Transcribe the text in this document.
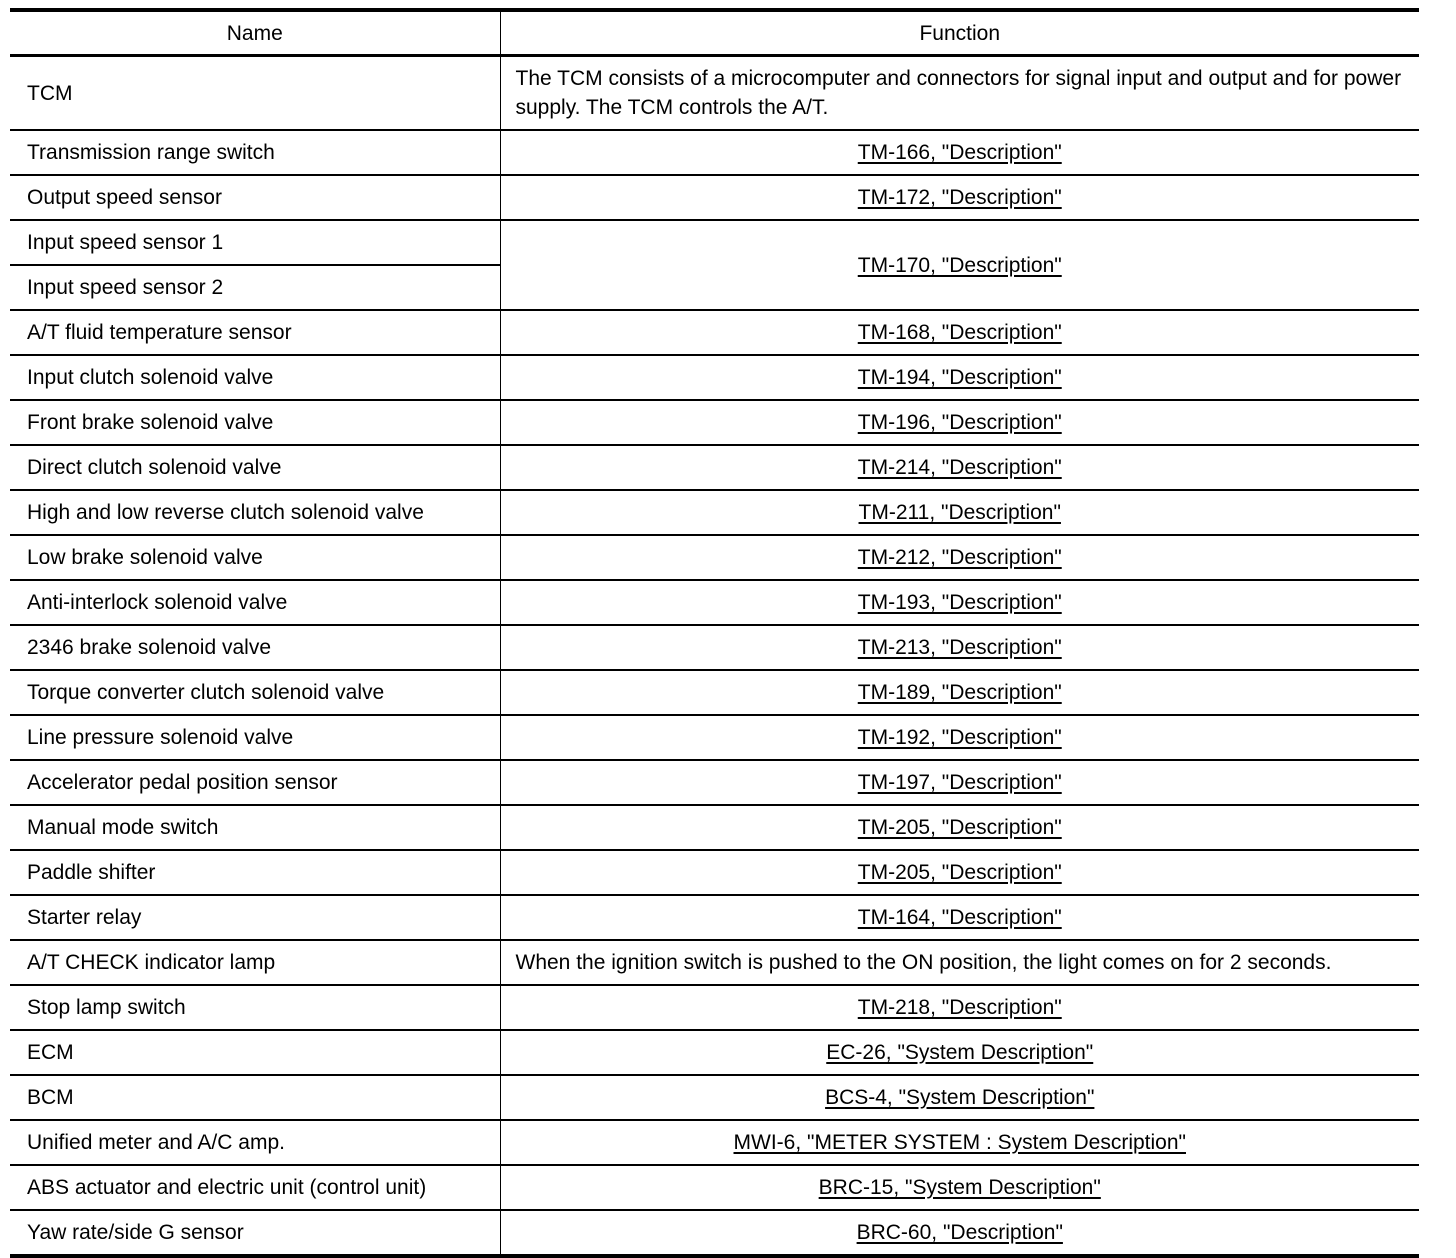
Name	Function
TCM	The TCM consists of a microcomputer and connectors for signal input and output and for power supply. The TCM controls the A/T.
Transmission range switch	TM-166, "Description"
Output speed sensor	TM-172, "Description"
Input speed sensor 1	TM-170, "Description"
Input speed sensor 2	
A/T fluid temperature sensor	TM-168, "Description"
Input clutch solenoid valve	TM-194, "Description"
Front brake solenoid valve	TM-196, "Description"
Direct clutch solenoid valve	TM-214, "Description"
High and low reverse clutch solenoid valve	TM-211, "Description"
Low brake solenoid valve	TM-212, "Description"
Anti-interlock solenoid valve	TM-193, "Description"
2346 brake solenoid valve	TM-213, "Description"
Torque converter clutch solenoid valve	TM-189, "Description"
Line pressure solenoid valve	TM-192, "Description"
Accelerator pedal position sensor	TM-197, "Description"
Manual mode switch	TM-205, "Description"
Paddle shifter	TM-205, "Description"
Starter relay	TM-164, "Description"
A/T CHECK indicator lamp	When the ignition switch is pushed to the ON position, the light comes on for 2 seconds.
Stop lamp switch	TM-218, "Description"
ECM	EC-26, "System Description"
BCM	BCS-4, "System Description"
Unified meter and A/C amp.	MWI-6, "METER SYSTEM : System Description"
ABS actuator and electric unit (control unit)	BRC-15, "System Description"
Yaw rate/side G sensor	BRC-60, "Description"
